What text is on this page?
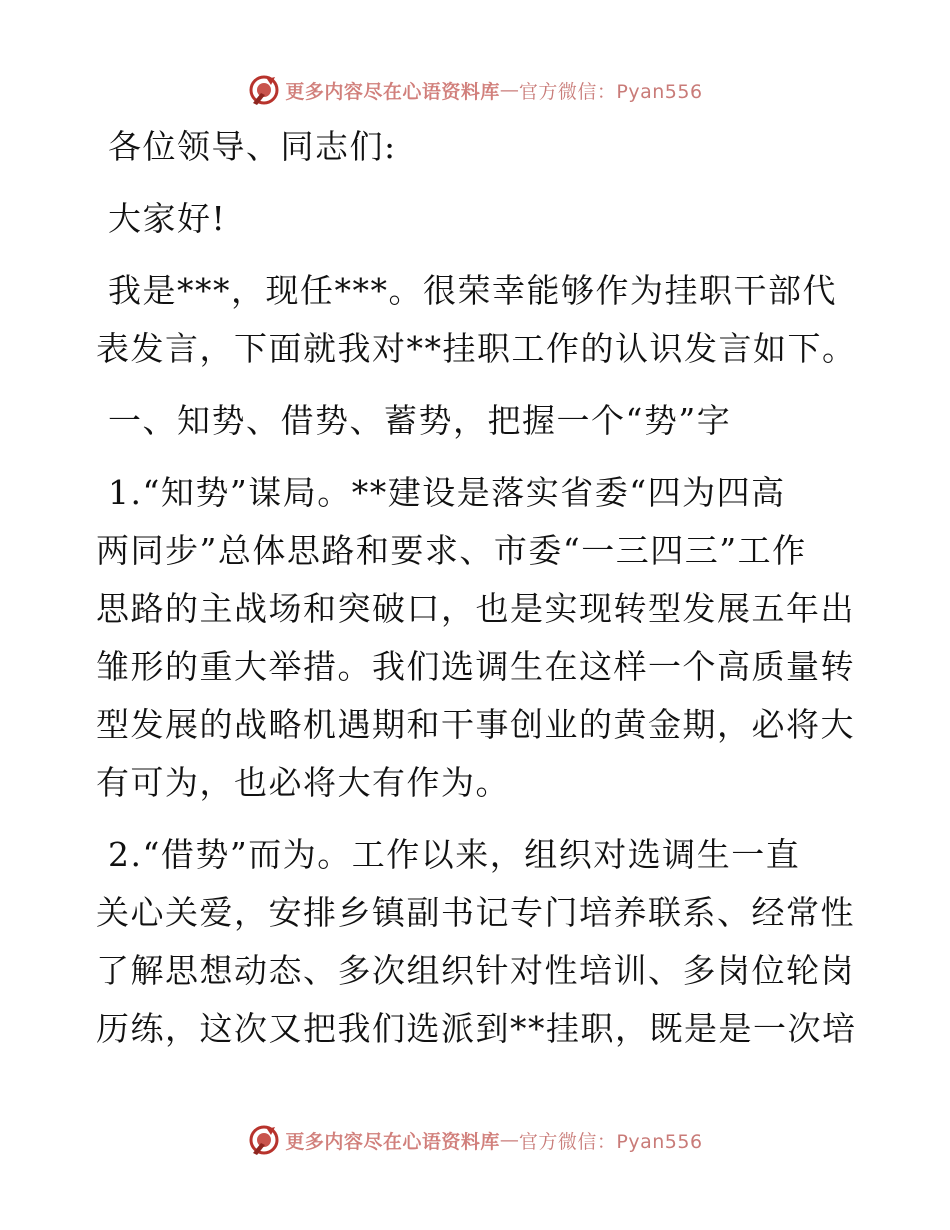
更多内容尽在心语资料库 — 官方微信：Pyan556
各位领导、同志们:
大家好!
我是***，现任***。很荣幸能够作为挂职干部代
表发言，下面就我对**挂职工作的认识发言如下。
一、知势、借势、蓄势，把握一个“势”字
1.“知势”谋局。**建设是落实省委“四为四高
两同步”总体思路和要求、市委“一三四三”工作
思路的主战场和突破口，也是实现转型发展五年出
雏形的重大举措。我们选调生在这样一个高质量转
型发展的战略机遇期和干事创业的黄金期，必将大
有可为，也必将大有作为。
2.“借势”而为。工作以来，组织对选调生一直
关心关爱，安排乡镇副书记专门培养联系、经常性
了解思想动态、多次组织针对性培训、多岗位轮岗
历练，这次又把我们选派到**挂职，既是是一次培
更多内容尽在心语资料库 — 官方微信：Pyan556
